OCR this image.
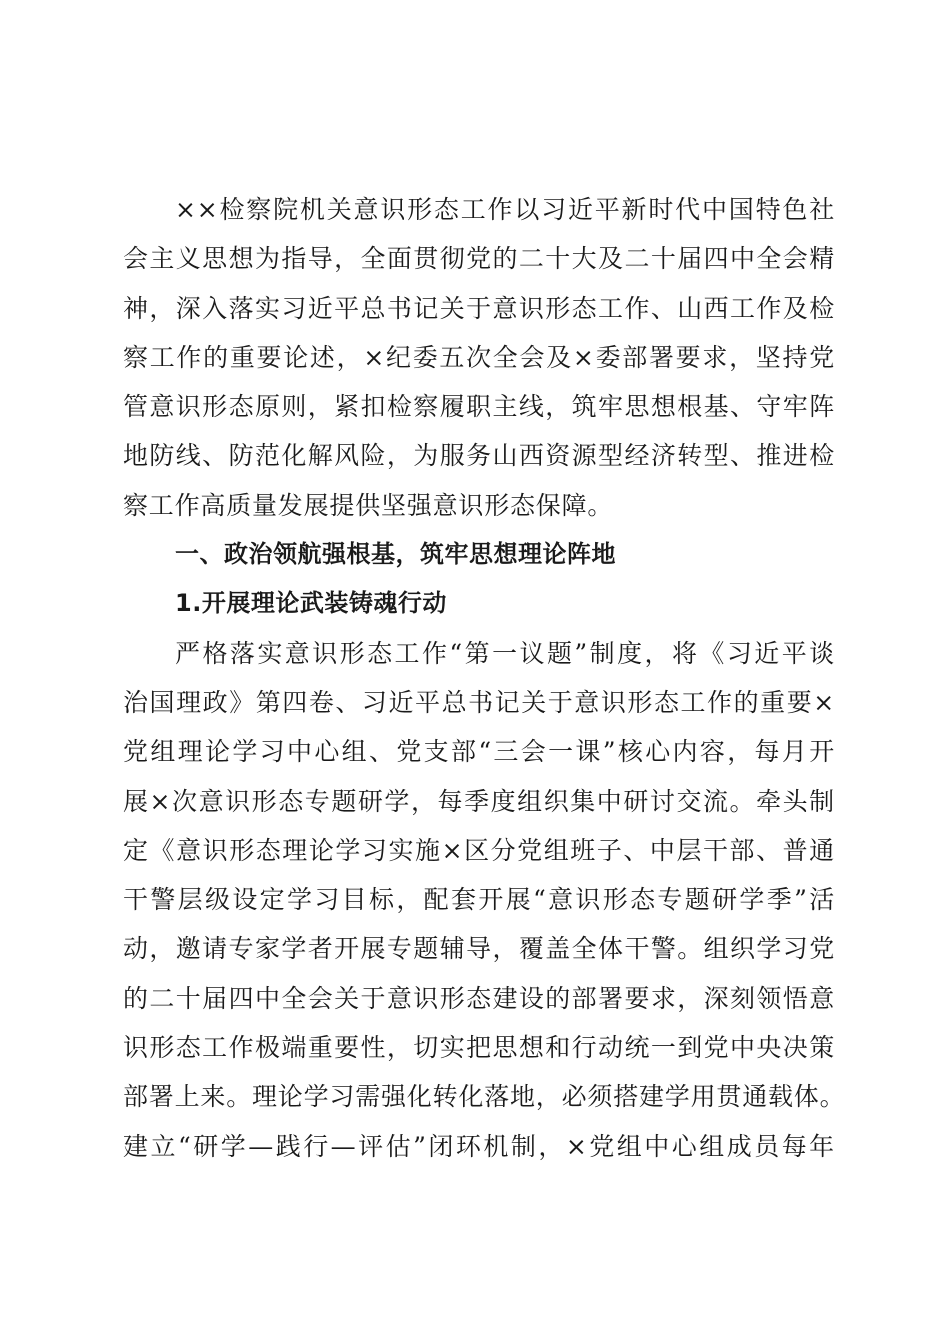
××检察院机关意识形态工作以习近平新时代中国特色社
会主义思想为指导，全面贯彻党的二十大及二十届四中全会精
神，深入落实习近平总书记关于意识形态工作、山西工作及检
察工作的重要论述，×纪委五次全会及×委部署要求，坚持党
管意识形态原则，紧扣检察履职主线，筑牢思想根基、守牢阵
地防线、防范化解风险，为服务山西资源型经济转型、推进检
察工作高质量发展提供坚强意识形态保障。
一、政治领航强根基，筑牢思想理论阵地
1.开展理论武装铸魂行动
严格落实意识形态工作“第一议题”制度，将《习近平谈
治国理政》第四卷、习近平总书记关于意识形态工作的重要×
党组理论学习中心组、党支部“三会一课”核心内容，每月开
展×次意识形态专题研学，每季度组织集中研讨交流。牵头制
定《意识形态理论学习实施×区分党组班子、中层干部、普通
干警层级设定学习目标，配套开展“意识形态专题研学季”活
动，邀请专家学者开展专题辅导，覆盖全体干警。组织学习党
的二十届四中全会关于意识形态建设的部署要求，深刻领悟意
识形态工作极端重要性，切实把思想和行动统一到党中央决策
部署上来。理论学习需强化转化落地，必须搭建学用贯通载体。
建立“研学—践行—评估”闭环机制，×党组中心组成员每年
